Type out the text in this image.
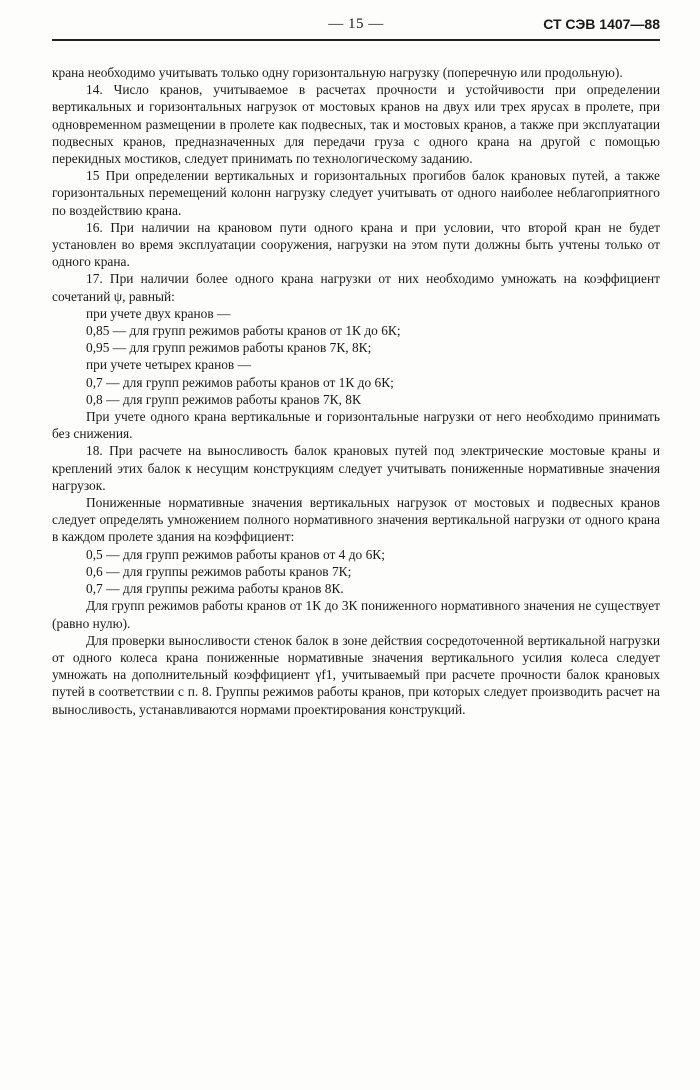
— 15 —	СТ СЭВ 1407—88

крана необходимо учитывать только одну горизонтальную нагрузку (поперечную или продольную).

14. Число кранов, учитываемое в расчетах прочности и устойчивости при определении вертикальных и горизонтальных нагрузок от мостовых кранов на двух или трех ярусах в пролете, при одновременном размещении в пролете как подвесных, так и мостовых кранов, а также при эксплуатации подвесных кранов, предназначенных для передачи груза с одного крана на другой с помощью перекидных мостиков, следует принимать по технологическому заданию.

15 При определении вертикальных и горизонтальных прогибов балок крановых путей, а также горизонтальных перемещений колонн нагрузку следует учитывать от одного наиболее неблагоприятного по воздействию крана.

16. При наличии на крановом пути одного крана и при условии, что второй кран не будет установлен во время эксплуатации сооружения, нагрузки на этом пути должны быть учтены только от одного крана.

17. При наличии более одного крана нагрузки от них необходимо умножать на коэффициент сочетаний ψ, равный:

при учете двух кранов —

0,85 — для групп режимов работы кранов от 1К до 6К;

0,95 — для групп режимов работы кранов 7К, 8К;

при учете четырех кранов —

0,7 — для групп режимов работы кранов от 1К до 6К;

0,8 — для групп режимов работы кранов 7К, 8К

При учете одного крана вертикальные и горизонтальные нагрузки от него необходимо принимать без снижения.

18. При расчете на выносливость балок крановых путей под электрические мостовые краны и креплений этих балок к несущим конструкциям следует учитывать пониженные нормативные значения нагрузок.

Пониженные нормативные значения вертикальных нагрузок от мостовых и подвесных кранов следует определять умножением полного нормативного значения вертикальной нагрузки от одного крана в каждом пролете здания на коэффициент:

0,5 — для групп режимов работы кранов от 4 до 6К;

0,6 — для группы режимов работы кранов 7К;

0,7 — для группы режима работы кранов 8К.

Для групп режимов работы кранов от 1К до 3К пониженного нормативного значения не существует (равно нулю).

Для проверки выносливости стенок балок в зоне действия сосредоточенной вертикальной нагрузки от одного колеса крана пониженные нормативные значения вертикального усилия колеса следует умножать на дополнительный коэффициент γf1, учитываемый при расчете прочности балок крановых путей в соответствии с п. 8. Группы режимов работы кранов, при которых следует производить расчет на выносливость, устанавливаются нормами проектирования конструкций.
